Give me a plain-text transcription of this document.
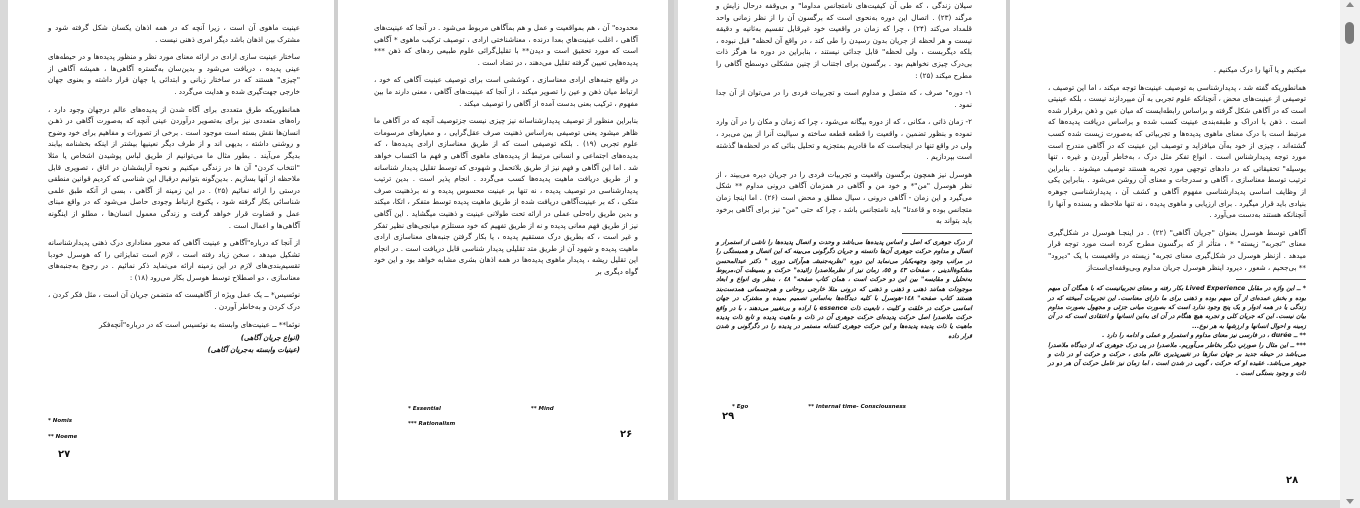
عینیت ماهوی آن است ، زیرا آنچه که در همه اذهان یکسان شکل گرفته شود و مشترک بین اذهان باشد دیگر امری ذهنی نیست .

ساختار عینیت سازی ارادی در ارائه معنای مورد نظر و منظور پدیده‌ها و در حیطه‌های عینی پدیده ، دریافت می‌شود و بدین‌سان به‌گستره آگاهی‌ها ، همیشه آگاهی از "چیزی" هستند که در ساختار زبانی و ابتدائی یا جهان قرار داشته و بعنوی جهان خارجی جهت‌گیری شده و هدایت می‌گردد .

همانطوریکه طرق متعددی برای آگاه شدن از پدیده‌های عالم درجهان وجود دارد ، راه‌های متعددی نیز برای به‌تصویر درآوردن عینی آنچه که به‌صورت آگاهی در ذهـن انسان‌ها نقش بسته است موجود است . برخی از تصورات و مفاهیم برای خود وضوح و روشنی داشته ، بدیهی اند و از طرف دیگر نعینیها بیشتر از اینکه بخشنامه بیابند بدیگر می‌آیند . بطور مثال ما می‌توانیم از طریق لباس پوشیدن اشخاص یا مثلا "انتخاب کردن" آن ها در زندگی میکنیم و نحوه آرایششان در اتاق ، تصویری قابل ملاحظه از آنها بسازیم . بدین‌گونه بتوانیم درقبال این شناسی که کردیم قوانین منطقی درستی را ارائه نمائیم (۲۵) . در این زمینه از آگاهی ، بسی از آنکه طبق علمی شناسائی بکار گرفته شود ، یکنوع ارتباط وجودی حاصل می‌شود که در واقع مبنای عمل و قضاوت قرار خواهد گرفت و زندگی معمول انسان‌ها ، مطلو از اینگونه آگاهی‌ها و اعمال است .

از آنجا که درباره"آگاهی و عینیت آگاهی که محور معناداری درک ذهنی پدیدارشناسانه تشکیل میدهد ، سخن زیاد رفته است ، لازم است تمایزاتی را که هوسرل خودبا تقسیم‌بندی‌های لازم در این زمینه ارائه می‌نماید ذکر نمائیم . در رجوع به‌جنبه‌های معناسازی ، دو اصطلاح توسط هوسرل بکار می‌رود (۱۸) :

نوئسیس* ــ یک عمل ویژه از آگاهیست که متضمن جریان آن است ، مثل فکر کردن ، درک کردن و به‌خاطر آوردن .

نوئما** ــ عینیت‌های وابسته به نوئسیس است که در درباره‌"آنچه‌فکر

(انواع جریان آگاهی)
(عینیات وابسته به‌جریان آگاهی)
* Nomis
** Noeme
۲۷

محدوده" آن ، هم بمواقعیت و عمل و هم بمآگاهی مربوط می‌شود . در آنجا که عینیت‌های آگاهی ، اغلب عینیت‌هاي بعدا درنده ، معناشناختی ارادی ، توصیف ترکیب ماهوی * آگاهی است که مورد تحقیق است و دیدن** با تقلیل‌گرائی علوم طبیعی ردهای که ذهن *** پدیده‌هایی تعیین گرفته تقلیل می‌دهند ، در تضاد است .

در واقع جنبه‌های ارادی معناسازی ، کوششی است برای توصیف عینیت آگاهی که خود ، ارتباط میان ذهن و عین را تصویر میکند ، از آنجا که عینیت‌های آگاهی ، معنی دارند ما بین مفهوم ، ترکیب بعنی بدست آمده از آگاهی را توصیف میکند .

بنابراین منظور از توصیف پدیدارشناسانه نیز چیزی نیست جزتوصیف آنچه که در آگاهی ما ظاهر میشود یعنی توصیفی به‌راساس ذهنیت صرف عقل‌گرایی ، و معیار‌های مرسومات علوم تجربی (۱۹) . بلکه توصیفی است که از طریق معناسازی ارادی پدیده‌ها ، که بدیده‌های اجتماعی و انسانی مرتبط از پدیده‌های ماهوی آگاهی و فهم ما اکتساب خواهد شد . اما این آگاهی و فهم نیز از طریق بلاتحمل و شهودی که توسط تقلیل پدیدار شناسانه و از طریق دریافت ماهیت پدیده‌ها کسب می‌گردد . انجام پذیر است . بدین ترتیب پدیدارشناسی در توصیف پدیده ، نه تنها بر عینیت محسوس پدیده و نه برذهنیت صرف متکی ، که بر عینیت‌آگاهی دریافت شده از طریق ماهیت پدیده توسط متفکر ، اتکا، میکند و بدین طریق راه‌حلی عملی در ارائه تحت طولانی عینیت و ذهنیت میگشاید . این آگاهی نیز از طریق فهم معانی پدیده و نه از طریق تفهیم که خود مستلزم میانجی‌های نظیر تفکر و غیر است ، که بطریق درک مستقیم پدیده ، یا بکار گرفتن جنبه‌های معناسازی ارادی ماهیت پدیده و شهود آن از طریق متد تقلیلی پدیدار شناسی قابل دریافت است . در انجام این تقلیل ریشه ، پدیدار ماهوی پدیده‌ها در همه اذهان بشری مشابه خواهد بود و این خود گواه دیگری بر

* Essential	** Mind
*** Rationalism
۲۶

سیلان زندگی ، که طی آن کیفیت‌های نامتجانس مداوما" و بی‌وقفه درحال زایش و مرگند (۲۳) . اتصال این دوره به‌نحوی است که برگسون آن را از نظر زمانی واحد قلمداد می‌کند (۲۴) ، چرا که زمان در واقعیت خود غیرقابل تقسیم به‌ثانیه و دقیقه نیست و هر لحظه از جریان بدون رسیدن را طی کند ، در واقع آن لحظه" قبل نبوده ، بلکه دیگربست ، ولی لحظه" قابل جدائی نیستند ، بنابراین در دوره ما هرگز ذات بی‌درک چیزی نخواهیم بود . برگسون برای اجتناب از چنین مشکلی دوسطح آگاهی را مطرح میکند (۲۵) :

۱- دوره" صرف ، که متصل و مداوم است و تجربیات فردی را در می‌توان از آن جدا نمود .

۲- زمان ذاتی ، مکانی ، که از دوره بیگانه می‌شود ، چرا که زمان و مکان را در آن وارد نموده و بنظور تضمین ، واقعیت را قطعه قطعه ساخته و سیالیت آنرا از بین می‌برد ، ولی در واقع تنها در اینجاست که ما قادریم بمتجزیه و تحلیل بنائی که در لحظه‌ها گذشته است بپردازیم .

هوسرل نیز همچون برگسون واقعیت و تجربیات فردی را در جریان دیره می‌بیند ، از نظر هوسرل "من"* و خود من و آگاهی در همزمان آگاهی درونی مداوم ** شکل می‌گیرد و این زمان - آگاهی درونی ، سیال مطلق و محض است (۲۶) . اما اینجا زمان متجانس بوده و قاعدتا" باید نامتجانس باشد ، چرا که حتی "من" نیز برای آگاهی برخود باید بتواند به

از درک جوهری که اصل و اساس پدیده‌ها می‌باشد و وحدت و اتصال پدیده‌ها را ناشی از استمرار و اتصال و مداوم حرکت جوهری آن‌ها دانسته و جریان دگرگونی می‌بینه که این اتصال و همبستگی را در مراتب وجود وجهه‌یکبار می‌نماید این دوره "نظریه‌جنبشـ هم‌آرائی دوری " دکتر عبدالمحسن مشکوةالدینی ، صفحات ٤٣ و ٥٥، زمان نیز از نظرملاصدرا زائیده" حرکت و بسیطت آن،مربوط به‌تحلیل و مقایسه" بین این دو حرکت است ، همان کتاب صفحه" ٤٨ ، بنظر وی انواع و ابعاد موجودات همانند ذهنی و ذهنی و ذهنی که درونی مثلا خارجی روحانی و هم‌جسمانی همدست‌بند هستند کتاب صفحه" ١٤٨-هوسرل با کلیه دیدگاه‌ها به‌اساس تصمیم‌ بمیده و مشترک در جهان اساسی حرکت در خلقت و کلیت ، تابعیت ذات essence با اراده و بی‌تغییر می‌دهند ، با در واقع حرکت ملاصدرا اصل حرکت پدیده‌ای حرکت جوهری آن در ذات و ماهیت پدیده و تابع ذات پدیده ماهیت یا ذات پدیده پدیده‌ها و این حرکت جوهری کنندانه مستمر در پدیده را در دگرگونی و شدن قرار داده

* Ego	** Internal time- Consciousness
۲۹

میکنیم و یا آنها را درک میکنیم .

همانطوریکه گفته شد ، پدیدارشناسی به توصیف عینیت‌ها توجه میکند ، اما این توصیف ، توصیفی از عینیت‌های محض ، آنچنانکه علوم تجربی به آن میپردازند نیست ، بلکه عینیتی است که در آگاهی شکل گرفته و براساس رابطه‌ایست که میان عین و ذهن برقرار شده است . ذهن با ادراک و طبقه‌بندی عینیت کسب شده و براساس دریافت پدیده‌ها که مرتبط است با درک معنای ماهوی پدیده‌ها و تجربیاتی که به‌صورت زیست شده کسب گشته‌اند ، چیزی از خود به‌آن میافزاید و توصیف این عینیت که در آگاهی مندرج است مورد توجه پدیدارشناس است . انواع تفکر مثل درک ، به‌خاطر آوردن و غیره ، تنها بوسیله" تحقیقاتی که در دادهای توجهی مورد تجربه هستند توصیف میشوند . بنابراین ترتیب توسط معناسازی ، آگاهی و سدرجات و معنای آن روشن می‌شود . بنابراین یکی از وظایف اساسی پدیدارشناسی مفهوم آگاهی و کشف آن ، پدیدارشناسی جوهره بنیادی باید قرار میگیرد . برای ارزیابی و ماهوی پدیده ، نه تنها ملاحظه و بسنده و آنها را آنچنانکه هستند به‌دست می‌آورد .

آگاهی توسط هوسرل بعنوان "جریان آگاهی" (۲۲) . در اینجـا هوسرل در شکل‌گیری معنای "تجربه" زیسته" * ، متأثر از که برگسون مطرح کرده است مورد توجه قرار میدهد . ازنظر هوسرل در شکل‌گیری معنای تجربه" زیسته در واقعیست با یک "دیرود" ** بی‌جحیم ، شعور ، دیرود اینظر هوسرل جریان مداوم وبی‌وقفه‌ای‌است‌از

* ــ این واژه در مقابل Lived Experience بکار رفته و معنای تجربیاتیست که با همگان آن مبهم بوده و بخش عمده‌ای از آن مبهم بوده و ذهنی برای ما دارای معناست. این تجربیات آمیخته که در زندگی یا در همه ادوار و یک پنج وجود ندارد است که بصورت میانی جزئی و مجهول بصورت مداوم بیان نیست. این که جریان کلی و تجربه هیچ هنگام در آن ای به‌این انسانها و اعتقادی است که در آن زمینه و احوال انسانها و ارزشها به هر نوع...

** ــ durée ، در فارسی نیز معنای مداوم و استمرار و عملی و ادامه را دارد .

*** ــ این مثال را صورتي دیگر بخاطر می‌آوریم. ملاصدرا در پی درک جوهری که از دیدگاه ملاصدرا می‌باشد در حیطه جدید بر جهان سازها در تغییرپذیری عالم مادی ، حرکت و حرکت او در ذات و جوهر می‌باشد. عقیده او که حرکت ، گویی در شدن است ، اما زمان نیز عامل حرکت آن هر دو در ذات و وجود بستگی است .

۲۸
